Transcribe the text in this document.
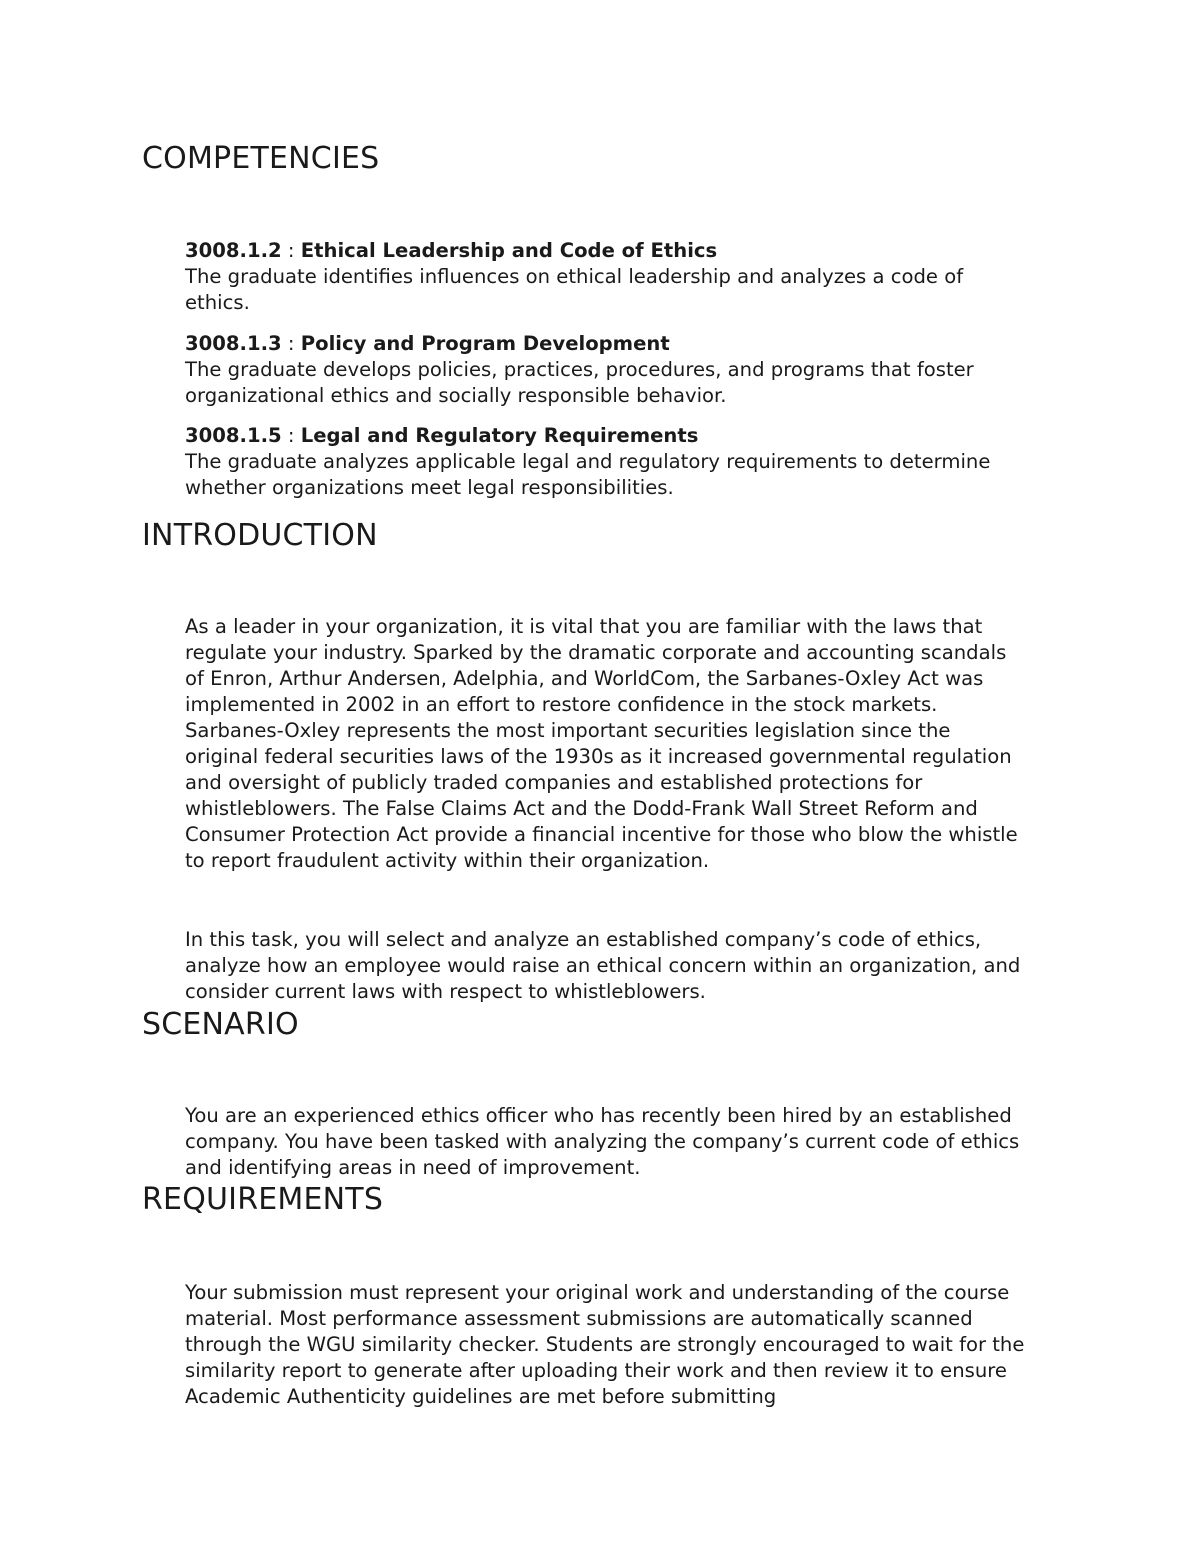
COMPETENCIES

3008.1.2 : Ethical Leadership and Code of Ethics

The graduate identifies influences on ethical leadership and analyzes a code of ethics.

3008.1.3 : Policy and Program Development

The graduate develops policies, practices, procedures, and programs that foster organizational ethics and socially responsible behavior.

3008.1.5 : Legal and Regulatory Requirements

The graduate analyzes applicable legal and regulatory requirements to determine whether organizations meet legal responsibilities.

INTRODUCTION

As a leader in your organization, it is vital that you are familiar with the laws that regulate your industry. Sparked by the dramatic corporate and accounting scandals of Enron, Arthur Andersen, Adelphia, and WorldCom, the Sarbanes-Oxley Act was implemented in 2002 in an effort to restore confidence in the stock markets. Sarbanes-Oxley represents the most important securities legislation since the original federal securities laws of the 1930s as it increased governmental regulation and oversight of publicly traded companies and established protections for whistleblowers. The False Claims Act and the Dodd-Frank Wall Street Reform and Consumer Protection Act provide a financial incentive for those who blow the whistle to report fraudulent activity within their organization.

In this task, you will select and analyze an established company’s code of ethics, analyze how an employee would raise an ethical concern within an organization, and consider current laws with respect to whistleblowers.

SCENARIO

You are an experienced ethics officer who has recently been hired by an established company. You have been tasked with analyzing the company’s current code of ethics and identifying areas in need of improvement.

REQUIREMENTS

Your submission must represent your original work and understanding of the course material. Most performance assessment submissions are automatically scanned through the WGU similarity checker. Students are strongly encouraged to wait for the similarity report to generate after uploading their work and then review it to ensure Academic Authenticity guidelines are met before submitting
